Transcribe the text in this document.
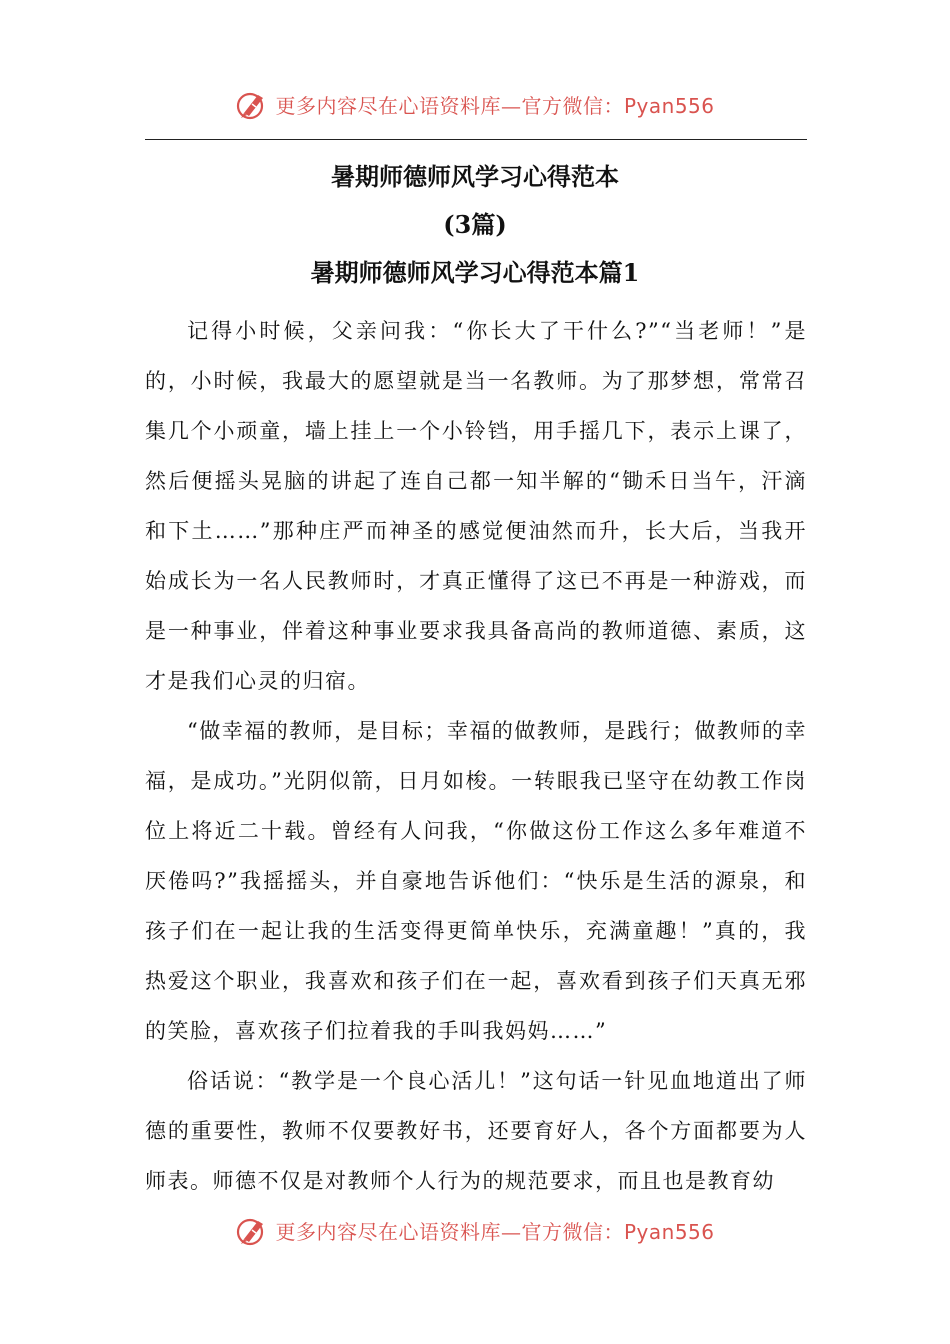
更多内容尽在心语资料库—官方微信：Pyan556
暑期师德师风学习心得范本
(3篇)
暑期师德师风学习心得范本篇1

记得小时候，父亲问我：“你长大了干什么?”“当老师！”是的，小时候，我最大的愿望就是当一名教师。为了那梦想，常常召集几个小顽童，墙上挂上一个小铃铛，用手摇几下，表示上课了，然后便摇头晃脑的讲起了连自己都一知半解的“锄禾日当午，汗滴和下土……”那种庄严而神圣的感觉便油然而升，长大后，当我开始成长为一名人民教师时，才真正懂得了这已不再是一种游戏，而是一种事业，伴着这种事业要求我具备高尚的教师道德、素质，这才是我们心灵的归宿。

“做幸福的教师，是目标；幸福的做教师，是践行；做教师的幸福，是成功。”光阴似箭，日月如梭。一转眼我已坚守在幼教工作岗位上将近二十载。曾经有人问我，“你做这份工作这么多年难道不厌倦吗?”我摇摇头，并自豪地告诉他们：“快乐是生活的源泉，和孩子们在一起让我的生活变得更简单快乐，充满童趣！”真的，我热爱这个职业，我喜欢和孩子们在一起，喜欢看到孩子们天真无邪的笑脸，喜欢孩子们拉着我的手叫我妈妈……”

俗话说：“教学是一个良心活儿！”这句话一针见血地道出了师德的重要性，教师不仅要教好书，还要育好人，各个方面都要为人师表。师德不仅是对教师个人行为的规范要求，而且也是教育幼

更多内容尽在心语资料库—官方微信：Pyan556
